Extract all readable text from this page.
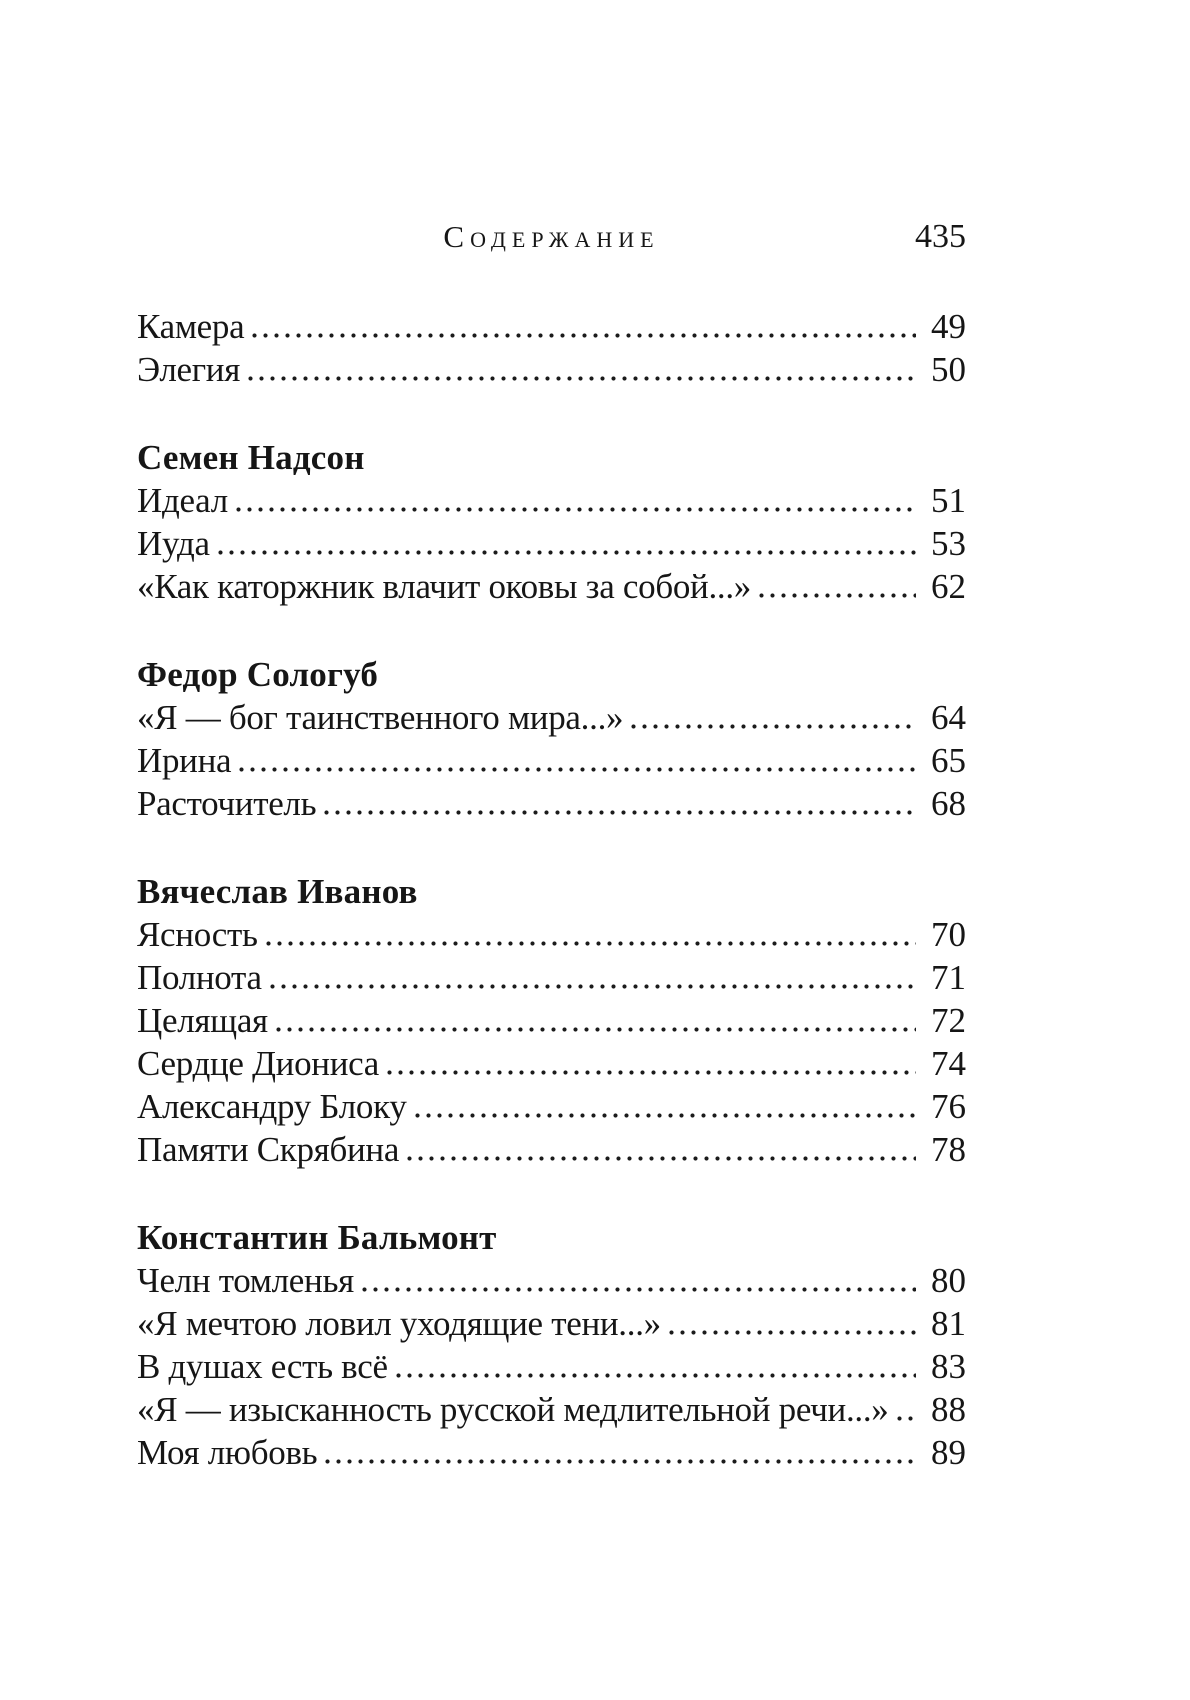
Содержание	435
Камера	49
Элегия	50
Семен Надсон
Идеал	51
Иуда	53
«Как каторжник влачит оковы за собой...»	62
Федор Сологуб
«Я — бог таинственного мира...»	64
Ирина	65
Расточитель	68
Вячеслав Иванов
Ясность	70
Полнота	71
Целящая	72
Сердце Диониса	74
Александру Блоку	76
Памяти Скрябина	78
Константин Бальмонт
Челн томленья	80
«Я мечтою ловил уходящие тени...»	81
В душах есть всё	83
«Я — изысканность русской медлительной речи...» 88
Моя любовь	89
